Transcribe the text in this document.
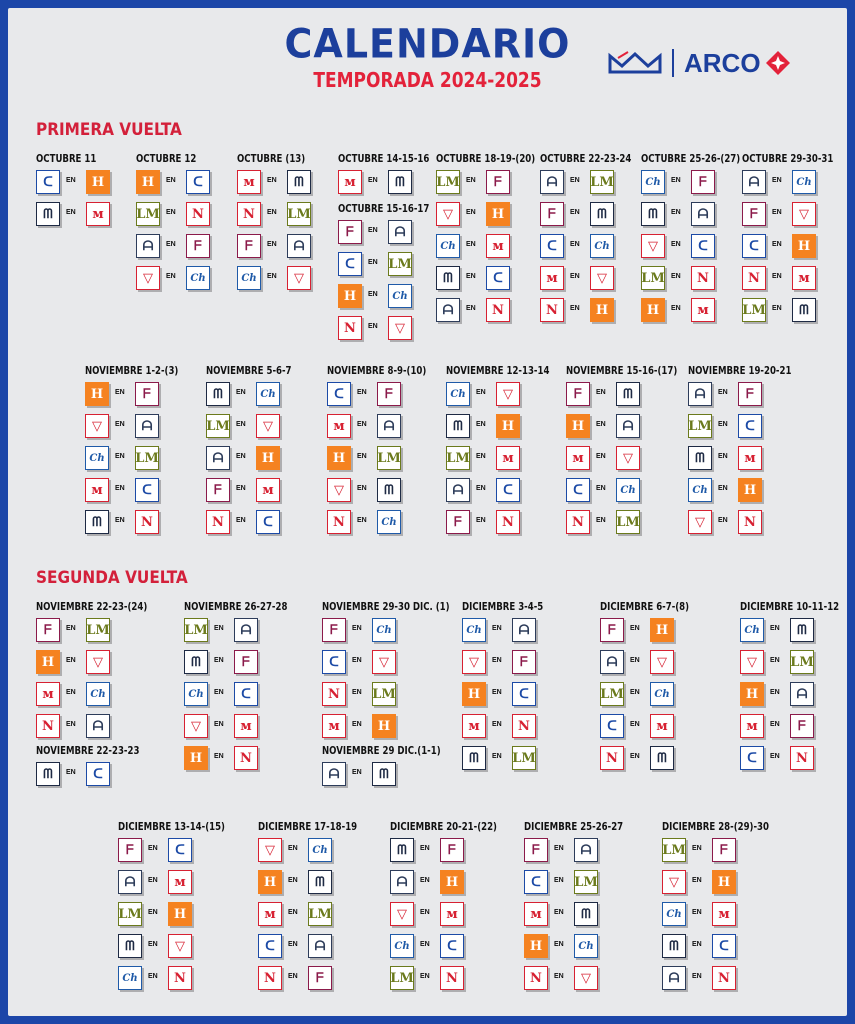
CALENDARIO
TEMPORADA 2024-2025
ARCO
PRIMERA VUELTA
SEGUNDA VUELTA
OCTUBRE 11
ᑕ	EN	H
ᗰ	EN	ᴍ
OCTUBRE 12
H	EN	ᑕ
LM EN	N
ᗩ	EN	ᖴ
▽	EN	Ch
OCTUBRE (13)
ᴍ	EN	ᗰ
N	EN LM
ᖴ	EN	ᗩ
Ch	EN	▽
OCTUBRE 14-15-16
ᴍ	EN	ᗰ
OCTUBRE 15-16-17
ᖴ	EN	ᗩ
ᑕ	EN LM
H	EN	Ch
N	EN	▽
OCTUBRE 18-19-(20)
LM EN	ᖴ
▽	EN	H
Ch	EN	ᴍ
ᗰ	EN	ᑕ
ᗩ	EN	N
OCTUBRE 22-23-24
ᗩ	EN LM
ᖴ	EN	ᗰ
ᑕ	EN	Ch
ᴍ	EN	▽
N	EN	H
OCTUBRE 25-26-(27)
Ch	EN	ᖴ
ᗰ	EN	ᗩ
▽	EN	ᑕ
LM EN	N
H	EN	ᴍ
OCTUBRE 29-30-31
ᗩ	EN	Ch
ᖴ	EN	▽
ᑕ	EN	H
N	EN	ᴍ
LM EN	ᗰ
NOVIEMBRE 1-2-(3)
H	EN	ᖴ
▽	EN	ᗩ
Ch	EN LM
ᴍ	EN	ᑕ
ᗰ	EN	N
NOVIEMBRE 5-6-7
ᗰ	EN	Ch
LM EN	▽
ᗩ	EN	H
ᖴ	EN	ᴍ
N	EN	ᑕ
NOVIEMBRE 8-9-(10)
ᑕ	EN	ᖴ
ᴍ	EN	ᗩ
H	EN LM
▽	EN	ᗰ
N	EN	Ch
NOVIEMBRE 12-13-14
Ch	EN	▽
ᗰ	EN	H
LM EN	ᴍ
ᗩ	EN	ᑕ
ᖴ	EN	N
NOVIEMBRE 15-16-(17)
ᖴ	EN	ᗰ
H	EN	ᗩ
ᴍ	EN	▽
ᑕ	EN	Ch
N	EN LM
NOVIEMBRE 19-20-21
ᗩ	EN	ᖴ
LM EN	ᑕ
ᗰ	EN	ᴍ
Ch	EN	H
▽	EN	N
NOVIEMBRE 22-23-(24)
ᖴ	EN LM
H	EN	▽
ᴍ	EN	Ch
N	EN	ᗩ
NOVIEMBRE 22-23-23
ᗰ	EN	ᑕ
NOVIEMBRE 26-27-28
LM EN	ᗩ
ᗰ	EN	ᖴ
Ch	EN	ᑕ
▽	EN	ᴍ
H	EN	N
NOVIEMBRE 29-30 DIC. (1)
ᖴ	EN	Ch
ᑕ	EN	▽
N	EN LM
ᴍ	EN	H
NOVIEMBRE 29 DIC.(1-1)
ᗩ	EN	ᗰ
DICIEMBRE 3-4-5
Ch	EN	ᗩ
▽	EN	ᖴ
H	EN	ᑕ
ᴍ	EN	N
ᗰ	EN LM
DICIEMBRE 6-7-(8)
ᖴ	EN	H
ᗩ	EN	▽
LM EN	Ch
ᑕ	EN	ᴍ
N	EN	ᗰ
DICIEMBRE 10-11-12
Ch	EN	ᗰ
▽	EN LM
H	EN	ᗩ
ᴍ	EN	ᖴ
ᑕ	EN	N
DICIEMBRE 13-14-(15)
ᖴ	EN	ᑕ
ᗩ	EN	ᴍ
LM EN	H
ᗰ	EN	▽
Ch	EN	N
DICIEMBRE 17-18-19
▽	EN	Ch
H	EN	ᗰ
ᴍ	EN LM
ᑕ	EN	ᗩ
N	EN	ᖴ
DICIEMBRE 20-21-(22)
ᗰ	EN	ᖴ
ᗩ	EN	H
▽	EN	ᴍ
Ch	EN	ᑕ
LM EN	N
DICIEMBRE 25-26-27
ᖴ	EN	ᗩ
ᑕ	EN LM
ᴍ	EN	ᗰ
H	EN	Ch
N	EN	▽
DICIEMBRE 28-(29)-30
LM EN	ᖴ
▽	EN	H
Ch	EN	ᴍ
ᗰ	EN	ᑕ
ᗩ	EN	N
